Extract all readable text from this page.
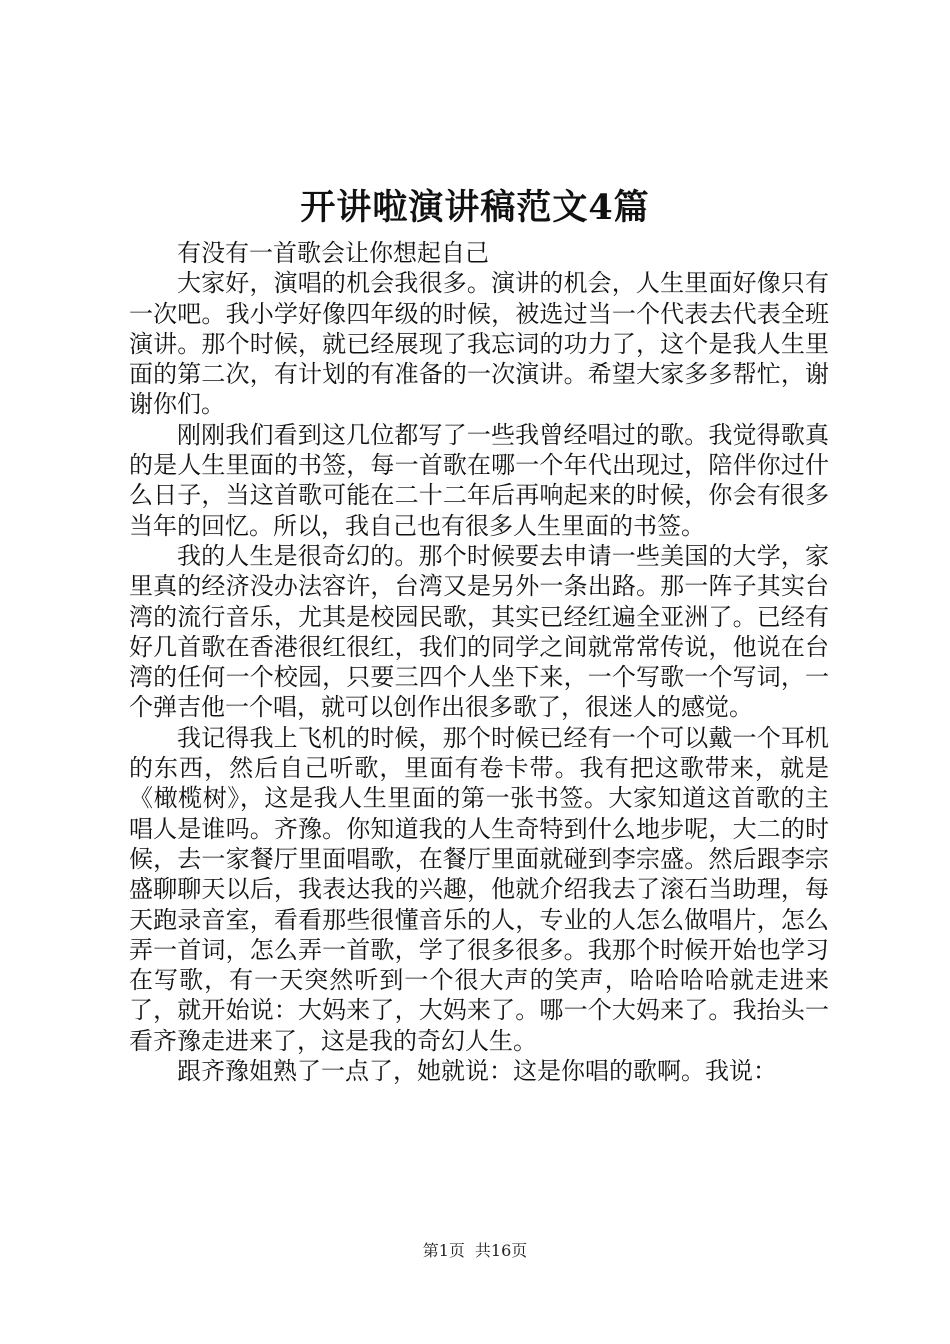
开讲啦演讲稿范文4篇

有没有一首歌会让你想起自己

大家好，演唱的机会我很多。演讲的机会，人生里面好像只有一次吧。我小学好像四年级的时候，被选过当一个代表去代表全班演讲。那个时候，就已经展现了我忘词的功力了，这个是我人生里面的第二次，有计划的有准备的一次演讲。希望大家多多帮忙，谢谢你们。

刚刚我们看到这几位都写了一些我曾经唱过的歌。我觉得歌真的是人生里面的书签，每一首歌在哪一个年代出现过，陪伴你过什么日子，当这首歌可能在二十二年后再响起来的时候，你会有很多当年的回忆。所以，我自己也有很多人生里面的书签。

我的人生是很奇幻的。那个时候要去申请一些美国的大学，家里真的经济没办法容许，台湾又是另外一条出路。那一阵子其实台湾的流行音乐，尤其是校园民歌，其实已经红遍全亚洲了。已经有好几首歌在香港很红很红，我们的同学之间就常常传说，他说在台湾的任何一个校园，只要三四个人坐下来，一个写歌一个写词，一个弹吉他一个唱，就可以创作出很多歌了，很迷人的感觉。

我记得我上飞机的时候，那个时候已经有一个可以戴一个耳机的东西，然后自己听歌，里面有卷卡带。我有把这歌带来，就是《橄榄树》，这是我人生里面的第一张书签。大家知道这首歌的主唱人是谁吗。齐豫。你知道我的人生奇特到什么地步呢，大二的时候，去一家餐厅里面唱歌，在餐厅里面就碰到李宗盛。然后跟李宗盛聊聊天以后，我表达我的兴趣，他就介绍我去了滚石当助理，每天跑录音室，看看那些很懂音乐的人，专业的人怎么做唱片，怎么弄一首词，怎么弄一首歌，学了很多很多。我那个时候开始也学习在写歌，有一天突然听到一个很大声的笑声，哈哈哈哈就走进来了，就开始说：大妈来了，大妈来了。哪一个大妈来了。我抬头一看齐豫走进来了，这是我的奇幻人生。

跟齐豫姐熟了一点了，她就说：这是你唱的歌啊。我说：

第1页 共16页
